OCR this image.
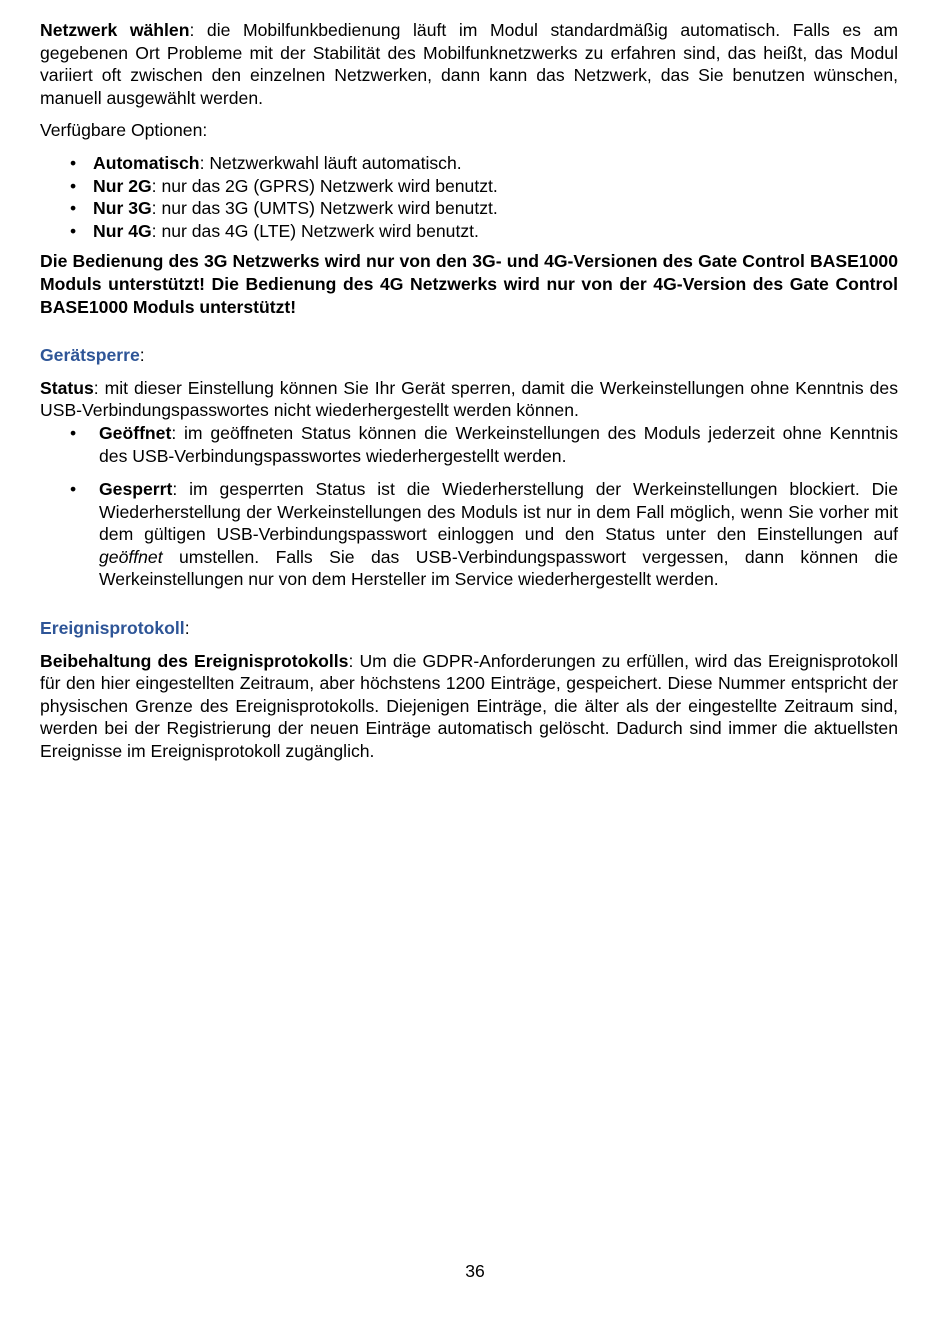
Netzwerk wählen: die Mobilfunkbedienung läuft im Modul standardmäßig automatisch. Falls es am gegebenen Ort Probleme mit der Stabilität des Mobilfunknetzwerks zu erfahren sind, das heißt, das Modul variiert oft zwischen den einzelnen Netzwerken, dann kann das Netzwerk, das Sie benutzen wünschen, manuell ausgewählt werden.

Verfügbare Optionen:

• Automatisch: Netzwerkwahl läuft automatisch.
• Nur 2G: nur das 2G (GPRS) Netzwerk wird benutzt.
• Nur 3G: nur das 3G (UMTS) Netzwerk wird benutzt.
• Nur 4G: nur das 4G (LTE) Netzwerk wird benutzt.

Die Bedienung des 3G Netzwerks wird nur von den 3G- und 4G-Versionen des Gate Control BASE1000 Moduls unterstützt! Die Bedienung des 4G Netzwerks wird nur von der 4G-Version des Gate Control BASE1000 Moduls unterstützt!

Gerätsperre:

Status: mit dieser Einstellung können Sie Ihr Gerät sperren, damit die Werkeinstellungen ohne Kenntnis des USB-Verbindungspasswortes nicht wiederhergestellt werden können.

• Geöffnet: im geöffneten Status können die Werkeinstellungen des Moduls jederzeit ohne Kenntnis des USB-Verbindungspasswortes wiederhergestellt werden.
• Gesperrt: im gesperrten Status ist die Wiederherstellung der Werkeinstellungen blockiert. Die Wiederherstellung der Werkeinstellungen des Moduls ist nur in dem Fall möglich, wenn Sie vorher mit dem gültigen USB-Verbindungspasswort einloggen und den Status unter den Einstellungen auf geöffnet umstellen. Falls Sie das USB-Verbindungspasswort vergessen, dann können die Werkeinstellungen nur von dem Hersteller im Service wiederhergestellt werden.
Ereignisprotokoll:

Beibehaltung des Ereignisprotokolls: Um die GDPR-Anforderungen zu erfüllen, wird das Ereignisprotokoll für den hier eingestellten Zeitraum, aber höchstens 1200 Einträge, gespeichert. Diese Nummer entspricht der physischen Grenze des Ereignisprotokolls. Diejenigen Einträge, die älter als der eingestellte Zeitraum sind, werden bei der Registrierung der neuen Einträge automatisch gelöscht. Dadurch sind immer die aktuellsten Ereignisse im Ereignisprotokoll zugänglich.

36
